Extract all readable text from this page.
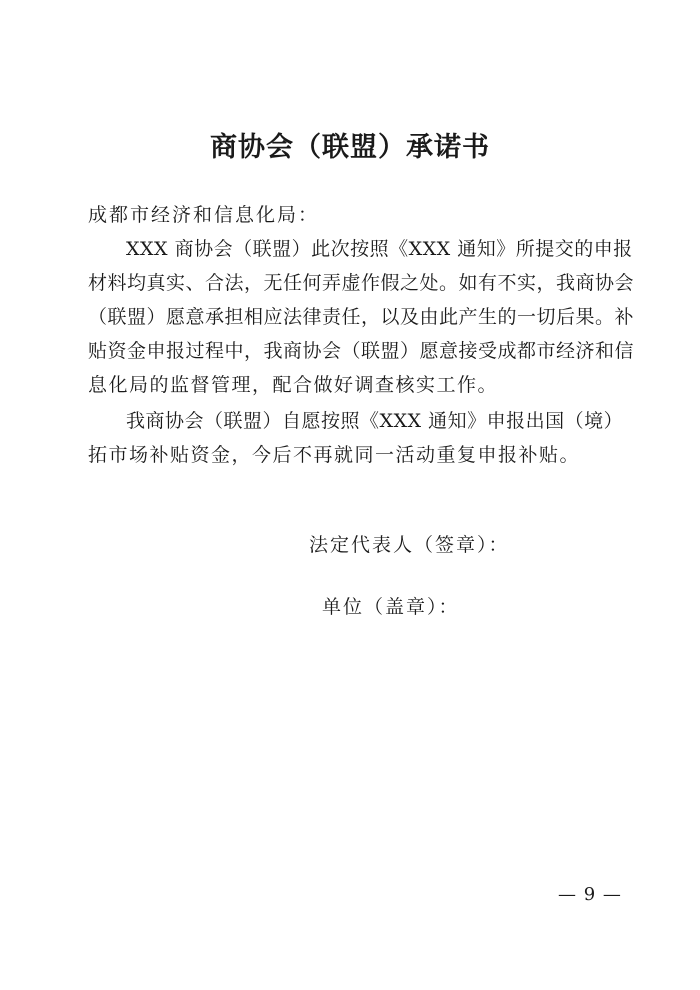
商协会（联盟）承诺书
成都市经济和信息化局：
XXX 商协会（联盟）此次按照《XXX 通知》所提交的申报
材料均真实、合法，无任何弄虚作假之处。如有不实，我商协会
（联盟）愿意承担相应法律责任，以及由此产生的一切后果。补
贴资金申报过程中，我商协会（联盟）愿意接受成都市经济和信
息化局的监督管理，配合做好调查核实工作。
我商协会（联盟）自愿按照《XXX 通知》申报出国（境）
拓市场补贴资金，今后不再就同一活动重复申报补贴。
法定代表人（签章）：
单位（盖章）：
— 9 —
